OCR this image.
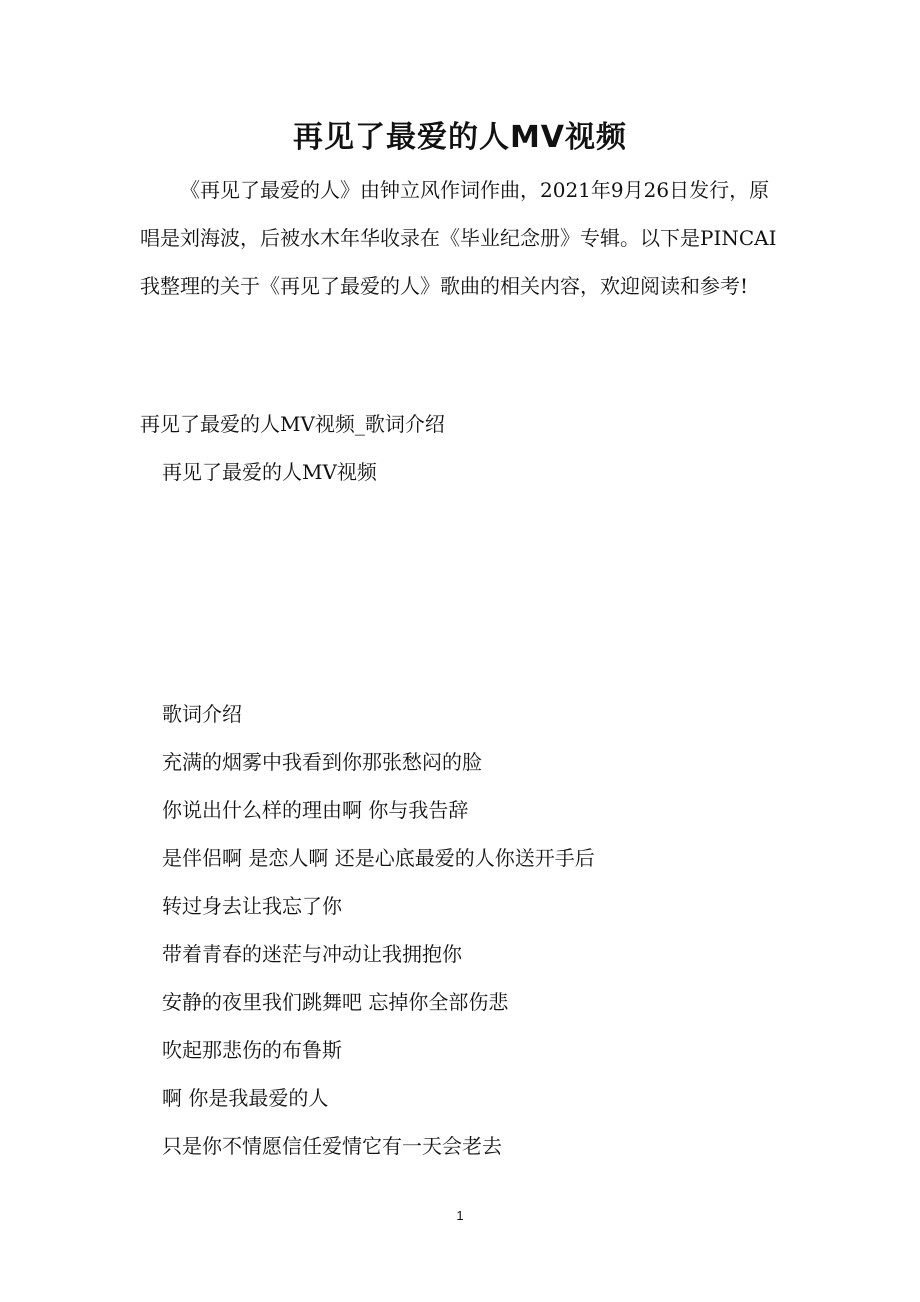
再见了最爱的人MV视频

《再见了最爱的人》由钟立风作词作曲，2021年9月26日发行，原唱是刘海波，后被水木年华收录在《毕业纪念册》专辑。以下是PINCAI我整理的关于《再见了最爱的人》歌曲的相关内容，欢迎阅读和参考!

再见了最爱的人MV视频_歌词介绍

再见了最爱的人MV视频

歌词介绍

充满的烟雾中我看到你那张愁闷的脸
你说出什么样的理由啊 你与我告辞
是伴侣啊 是恋人啊 还是心底最爱的人你送开手后
转过身去让我忘了你
带着青春的迷茫与冲动让我拥抱你
安静的夜里我们跳舞吧 忘掉你全部伤悲
吹起那悲伤的布鲁斯
啊 你是我最爱的人
只是你不情愿信任爱情它有一天会老去

1
